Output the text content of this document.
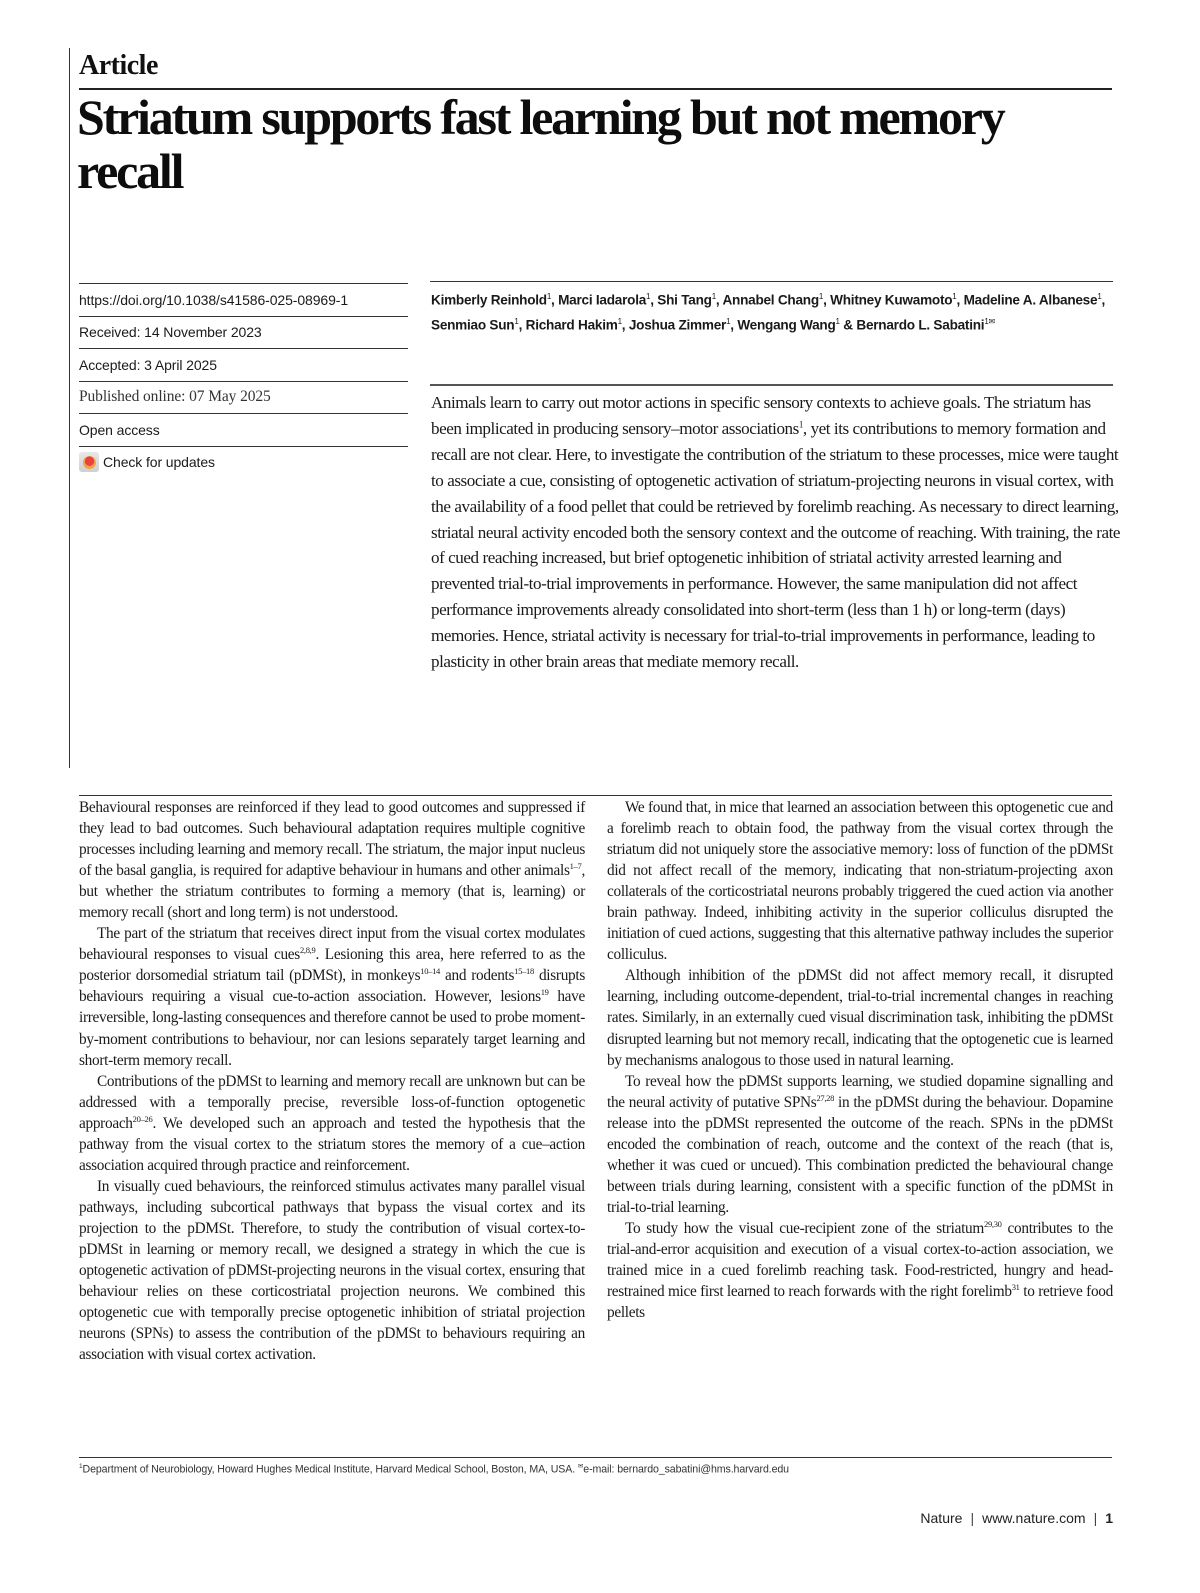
Article
Striatum supports fast learning but not memory recall
https://doi.org/10.1038/s41586-025-08969-1
Received: 14 November 2023
Accepted: 3 April 2025
Published online: 07 May 2025
Open access
Check for updates
Kimberly Reinhold$^1$, Marci Iadarola$^1$, Shi Tang$^1$, Annabel Chang$^1$, Whitney Kuwamoto$^1$, Madeline A. Albanese$^1$, Senmiao Sun$^1$, Richard Hakim$^1$, Joshua Zimmer$^1$, Wengang Wang$^1$ & Bernardo L. Sabatini$^{1✉}$

Animals learn to carry out motor actions in specific sensory contexts to achieve goals. The striatum has been implicated in producing sensory–motor associations$^1$, yet its contributions to memory formation and recall are not clear. Here, to investigate the contribution of the striatum to these processes, mice were taught to associate a cue, consisting of optogenetic activation of striatum-projecting neurons in visual cortex, with the availability of a food pellet that could be retrieved by forelimb reaching. As necessary to direct learning, striatal neural activity encoded both the sensory context and the outcome of reaching. With training, the rate of cued reaching increased, but brief optogenetic inhibition of striatal activity arrested learning and prevented trial-to-trial improvements in performance. However, the same manipulation did not affect performance improvements already consolidated into short-term (less than 1 h) or long-term (days) memories. Hence, striatal activity is necessary for trial-to-trial improvements in performance, leading to plasticity in other brain areas that mediate memory recall.

Behavioural responses are reinforced if they lead to good outcomes and suppressed if they lead to bad outcomes. Such behavioural adaptation requires multiple cognitive processes including learning and memory recall. The striatum, the major input nucleus of the basal ganglia, is required for adaptive behaviour in humans and other animals$^{1-7}$, but whether the striatum contributes to forming a memory (that is, learning) or memory recall (short and long term) is not understood.

The part of the striatum that receives direct input from the visual cortex modulates behavioural responses to visual cues$^{2,8,9}$. Lesioning this area, here referred to as the posterior dorsomedial striatum tail (pDMSt), in monkeys$^{10-14}$ and rodents$^{15-18}$ disrupts behaviours requiring a visual cue-to-action association. However, lesions$^{19}$ have irreversible, long-lasting consequences and therefore cannot be used to probe moment-by-moment contributions to behaviour, nor can lesions separately target learning and short-term memory recall.

Contributions of the pDMSt to learning and memory recall are unknown but can be addressed with a temporally precise, reversible loss-of-function optogenetic approach$^{20-26}$. We developed such an approach and tested the hypothesis that the pathway from the visual cortex to the striatum stores the memory of a cue–action association acquired through practice and reinforcement.

In visually cued behaviours, the reinforced stimulus activates many parallel visual pathways, including subcortical pathways that bypass the visual cortex and its projection to the pDMSt. Therefore, to study the contribution of visual cortex-to-pDMSt in learning or memory recall, we designed a strategy in which the cue is optogenetic activation of pDMSt-projecting neurons in the visual cortex, ensuring that behaviour relies on these corticostriatal projection neurons. We combined this optogenetic cue with temporally precise optogenetic inhibition of striatal projection neurons (SPNs) to assess the contribution of the pDMSt to behaviours requiring an association with visual cortex activation.

We found that, in mice that learned an association between this optogenetic cue and a forelimb reach to obtain food, the pathway from the visual cortex through the striatum did not uniquely store the associative memory: loss of function of the pDMSt did not affect recall of the memory, indicating that non-striatum-projecting axon collaterals of the corticostriatal neurons probably triggered the cued action via another brain pathway. Indeed, inhibiting activity in the superior colliculus disrupted the initiation of cued actions, suggesting that this alternative pathway includes the superior colliculus.

Although inhibition of the pDMSt did not affect memory recall, it disrupted learning, including outcome-dependent, trial-to-trial incremental changes in reaching rates. Similarly, in an externally cued visual discrimination task, inhibiting the pDMSt disrupted learning but not memory recall, indicating that the optogenetic cue is learned by mechanisms analogous to those used in natural learning.

To reveal how the pDMSt supports learning, we studied dopamine signalling and the neural activity of putative SPNs$^{27,28}$ in the pDMSt during the behaviour. Dopamine release into the pDMSt represented the outcome of the reach. SPNs in the pDMSt encoded the combination of reach, outcome and the context of the reach (that is, whether it was cued or uncued). This combination predicted the behavioural change between trials during learning, consistent with a specific function of the pDMSt in trial-to-trial learning.

To study how the visual cue-recipient zone of the striatum$^{29,30}$ contributes to the trial-and-error acquisition and execution of a visual cortex-to-action association, we trained mice in a cued forelimb reaching task. Food-restricted, hungry and head-restrained mice first learned to reach forwards with the right forelimb$^{31}$ to retrieve food pellets

$^1$Department of Neurobiology, Howard Hughes Medical Institute, Harvard Medical School, Boston, MA, USA. ✉e-mail: bernardo_sabatini@hms.harvard.edu
Nature | www.nature.com | 1
